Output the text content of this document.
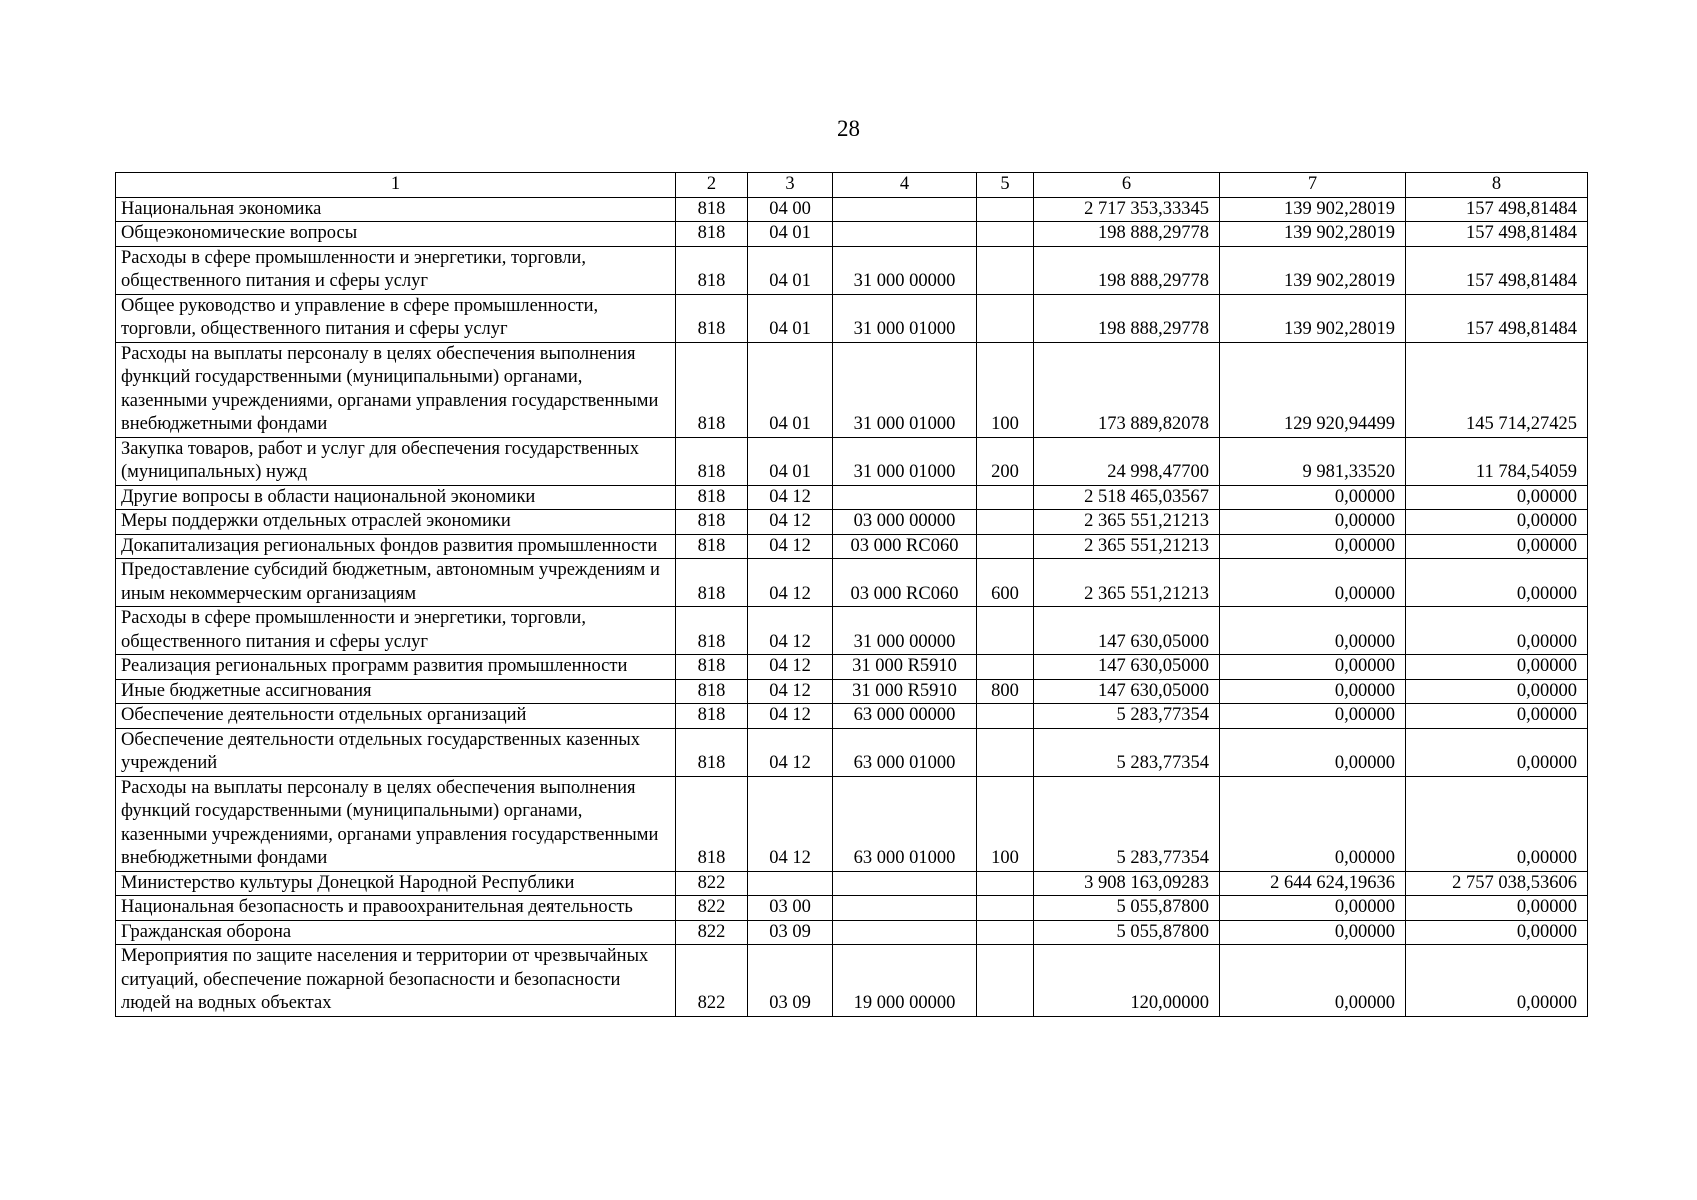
28
1	2	3	4	5	6	7	8
Национальная экономика	818	04 00			2 717 353,33345	139 902,28019	157 498,81484
Общеэкономические вопросы	818	04 01			198 888,29778	139 902,28019	157 498,81484
Расходы в сфере промышленности и энергетики, торговли, общественного питания и сферы услуг	818	04 01	31 000 00000		198 888,29778	139 902,28019	157 498,81484
Общее руководство и управление в сфере промышленности, торговли, общественного питания и сферы услуг	818	04 01	31 000 01000		198 888,29778	139 902,28019	157 498,81484
Расходы на выплаты персоналу в целях обеспечения выполнения функций государственными (муниципальными) органами, казенными учреждениями, органами управления государственными внебюджетными фондами	818	04 01	31 000 01000	100	173 889,82078	129 920,94499	145 714,27425
Закупка товаров, работ и услуг для обеспечения государственных (муниципальных) нужд	818	04 01	31 000 01000	200	24 998,47700	9 981,33520	11 784,54059
Другие вопросы в области национальной экономики	818	04 12			2 518 465,03567	0,00000	0,00000
Меры поддержки отдельных отраслей экономики	818	04 12	03 000 00000		2 365 551,21213	0,00000	0,00000
Докапитализация региональных фондов развития промышленности	818	04 12	03 000 RC060		2 365 551,21213	0,00000	0,00000
Предоставление субсидий бюджетным, автономным учреждениям и иным некоммерческим организациям	818	04 12	03 000 RC060	600	2 365 551,21213	0,00000	0,00000
Расходы в сфере промышленности и энергетики, торговли, общественного питания и сферы услуг	818	04 12	31 000 00000		147 630,05000	0,00000	0,00000
Реализация региональных программ развития промышленности	818	04 12	31 000 R5910		147 630,05000	0,00000	0,00000
Иные бюджетные ассигнования	818	04 12	31 000 R5910	800	147 630,05000	0,00000	0,00000
Обеспечение деятельности отдельных организаций	818	04 12	63 000 00000		5 283,77354	0,00000	0,00000
Обеспечение деятельности отдельных государственных казенных учреждений	818	04 12	63 000 01000		5 283,77354	0,00000	0,00000
Расходы на выплаты персоналу в целях обеспечения выполнения функций государственными (муниципальными) органами, казенными учреждениями, органами управления государственными внебюджетными фондами	818	04 12	63 000 01000	100	5 283,77354	0,00000	0,00000
Министерство культуры Донецкой Народной Республики	822				3 908 163,09283	2 644 624,19636	2 757 038,53606
Национальная безопасность и правоохранительная деятельность	822	03 00			5 055,87800	0,00000	0,00000
Гражданская оборона	822	03 09			5 055,87800	0,00000	0,00000
Мероприятия по защите населения и территории от чрезвычайных ситуаций, обеспечение пожарной безопасности и безопасности людей на водных объектах	822	03 09	19 000 00000		120,00000	0,00000	0,00000
